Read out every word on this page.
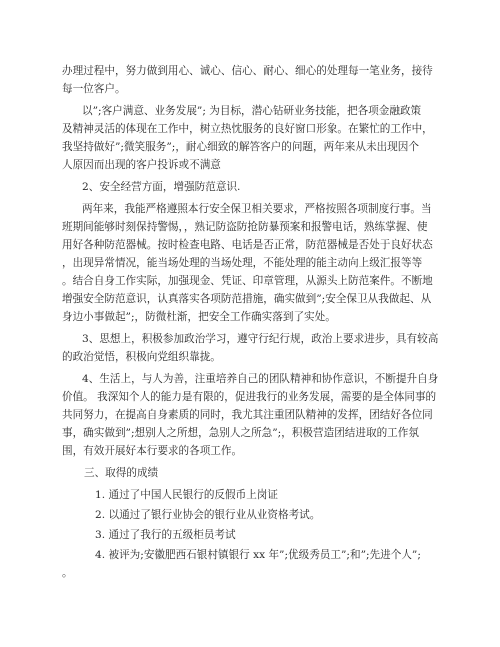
办理过程中，努力做到用心、诚心、信心、耐心、细心的处理每一笔业务，接待
每一位客户。
以”;客户满意、业务发展”; 为目标，潜心钻研业务技能，把各项金融政策
及精神灵活的体现在工作中，树立热忱服务的良好窗口形象。在繁忙的工作中，
我坚持做好”;微笑服务”;，耐心细致的解答客户的问题，两年来从未出现因个
人原因而出现的客户投诉或不满意
2、安全经营方面，增强防范意识.
两年来，我能严格遵照本行安全保卫相关要求，严格按照各项制度行事。当
班期间能够时刻保持警惕，，熟记防盗防抢防暴预案和报警电话，熟练掌握、使
用好各种防范器械。按时检查电路、电话是否正常，防范器械是否处于良好状态
，出现异常情况，能当场处理的当场处理，不能处理的能主动向上级汇报等等
。结合自身工作实际，加强现金、凭证、印章管理，从源头上防范案件。不断地
增强安全防范意识，认真落实各项防范措施，确实做到”;安全保卫从我做起、从
身边小事做起”;，防微杜渐，把安全工作确实落到了实处。
3、思想上，积极参加政治学习，遵守行纪行规，政治上要求进步，具有较高
的政治觉悟，积极向党组织靠拢。
4、生活上，与人为善，注重培养自己的团队精神和协作意识，不断提升自身
价值。 我深知个人的能力是有限的，促进我行的业务发展，需要的是全体同事的
共同努力，在提高自身素质的同时，我尤其注重团队精神的发挥，团结好各位同
事，确实做到”;想别人之所想，急别人之所急”;，积极营造团结进取的工作氛
围，有效开展好本行要求的各项工作。
三、取得的成绩
1. 通过了中国人民银行的反假币上岗证
2. 以通过了银行业协会的银行业从业资格考试。
3. 通过了我行的五级柜员考试
4. 被评为;安徽肥西石银村镇银行 xx 年”;优级秀员工”;和”;先进个人”;
。
